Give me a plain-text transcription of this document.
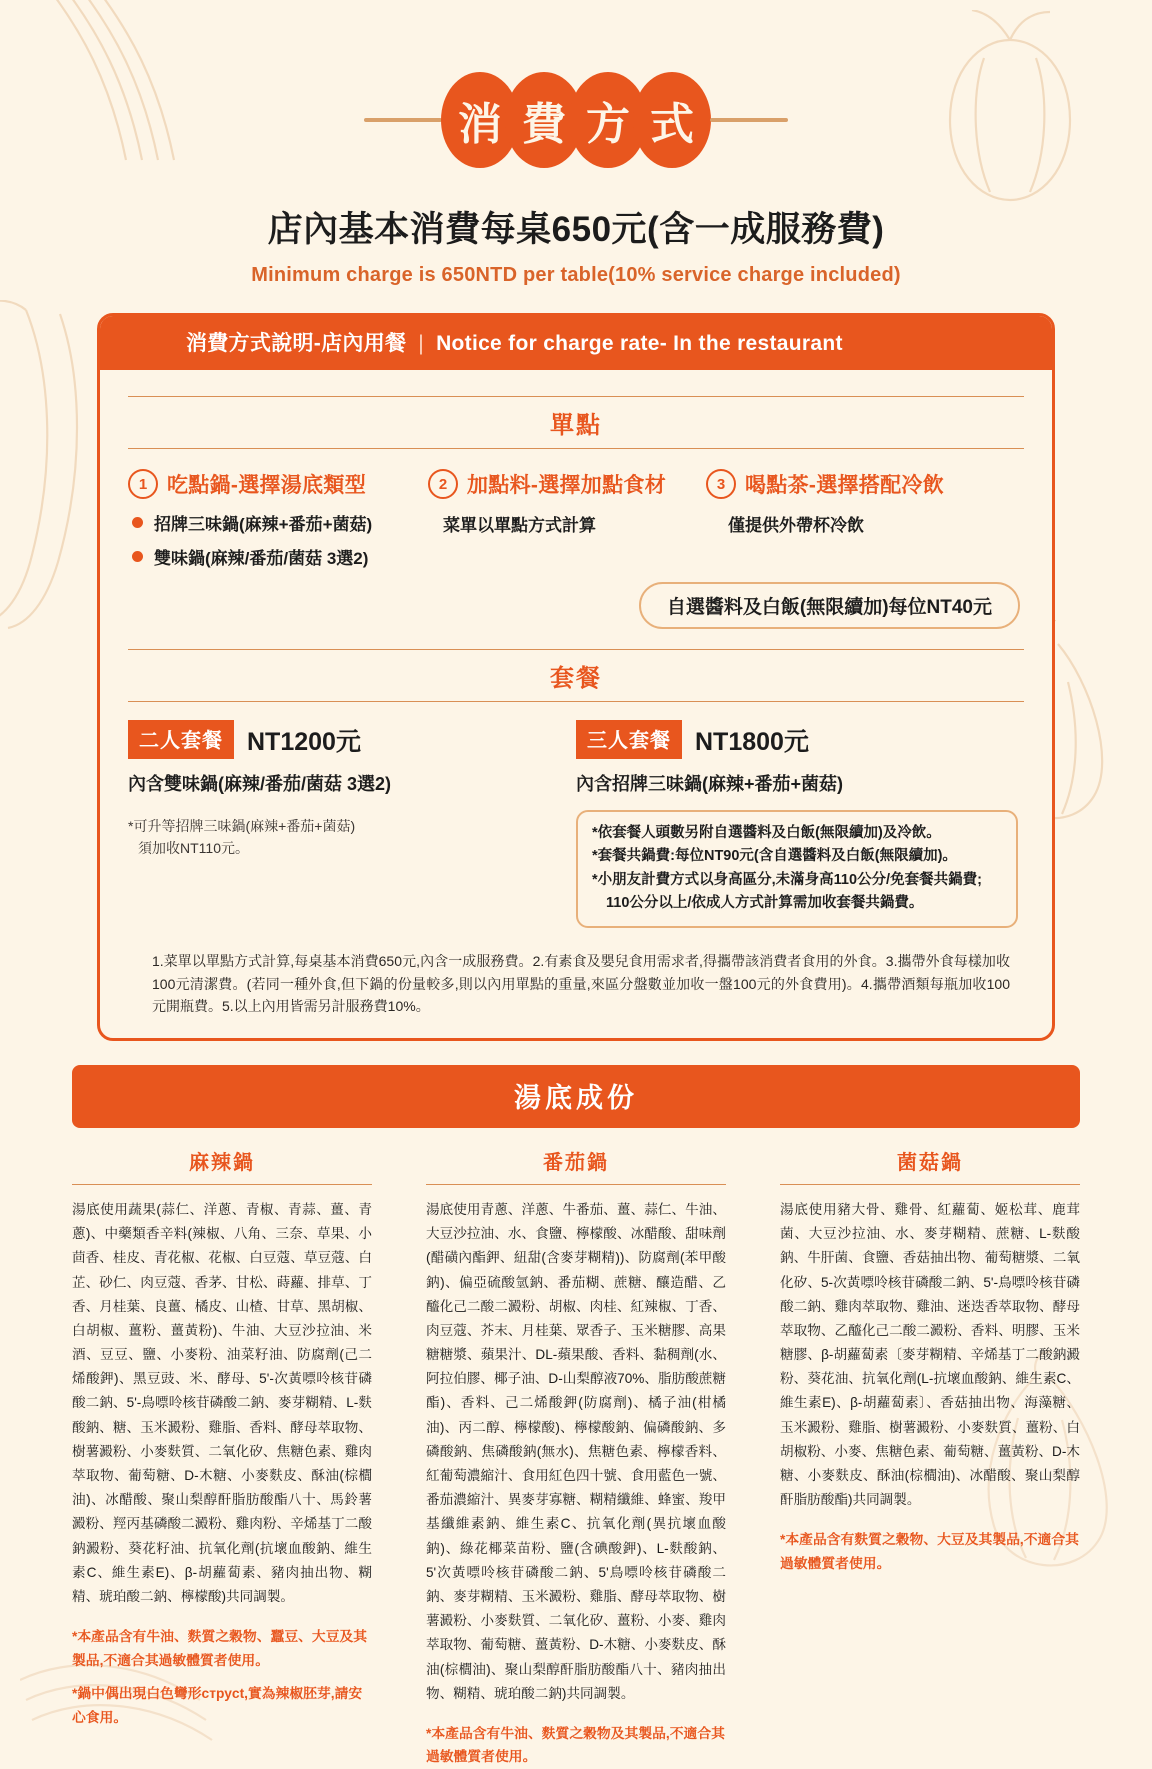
消 費 方 式
店內基本消費每桌650元(含一成服務費)
Minimum charge is 650NTD per table(10% service charge included)
消費方式說明-店內用餐 | Notice for charge rate- In the restaurant
單點
1 吃點鍋-選擇湯底類型
招牌三味鍋(麻辣+番茄+菌菇)
雙味鍋(麻辣/番茄/菌菇 3選2)
2 加點料-選擇加點食材
菜單以單點方式計算
3 喝點茶-選擇搭配冷飲
僅提供外帶杯冷飲
自選醬料及白飯(無限續加)每位NT40元
套餐
二人套餐 NT1200元
內含雙味鍋(麻辣/番茄/菌菇 3選2)
*可升等招牌三味鍋(麻辣+番茄+菌菇)
須加收NT110元。
三人套餐 NT1800元
內含招牌三味鍋(麻辣+番茄+菌菇)
*依套餐人頭數另附自選醬料及白飯(無限續加)及冷飲。
*套餐共鍋費:每位NT90元(含自選醬料及白飯(無限續加)。
*小朋友計費方式以身高區分,未滿身高110公分/免套餐共鍋費;
110公分以上/依成人方式計算需加收套餐共鍋費。
1.菜單以單點方式計算,每桌基本消費650元,內含一成服務費。2.有素食及嬰兒食用需求者,得攜帶該消費者食用的外食。3.攜帶外食每樣加收100元清潔費。(若同一種外食,但下鍋的份量較多,則以內用單點的重量,來區分盤數並加收一盤100元的外食費用)。4.攜帶酒類每瓶加收100元開瓶費。5.以上內用皆需另計服務費10%。
湯底成份
麻辣鍋
湯底使用蔬果(蒜仁、洋蔥、青椒、青蒜、薑、青蔥)、中藥類香辛料(辣椒、八角、三奈、草果、小茴香、桂皮、青花椒、花椒、白豆蔻、草豆蔻、白芷、砂仁、肉豆蔻、香茅、甘松、蒔蘿、排草、丁香、月桂葉、良薑、橘皮、山楂、甘草、黑胡椒、白胡椒、薑粉、薑黃粉)、牛油、大豆沙拉油、米酒、豆豆、鹽、小麥粉、油菜籽油、防腐劑(己二烯酸鉀)、黑豆豉、米、酵母、5'-次黃嘌呤核苷磷酸二鈉、5'-鳥嘌呤核苷磷酸二鈉、麥芽糊精、L-麩酸鈉、糖、玉米澱粉、雞脂、香料、酵母萃取物、樹薯澱粉、小麥麩質、二氧化矽、焦糖色素、雞肉萃取物、葡萄糖、D-木糖、小麥麩皮、酥油(棕櫚油)、冰醋酸、聚山梨醇酐脂肪酸酯八十、馬鈴薯澱粉、羥丙基磷酸二澱粉、雞肉粉、辛烯基丁二酸鈉澱粉、葵花籽油、抗氧化劑(抗壞血酸鈉、維生素C、維生素E)、β-胡蘿蔔素、豬肉抽出物、糊精、琥珀酸二鈉、檸檬酸)共同調製。
*本產品含有牛油、麩質之穀物、蠶豆、大豆及其製品,不適合其過敏體質者使用。
*鍋中偶出現白色彎形струct,實為辣椒胚芽,請安心食用。
番茄鍋
湯底使用青蔥、洋蔥、牛番茄、薑、蒜仁、牛油、大豆沙拉油、水、食鹽、檸檬酸、冰醋酸、甜味劑(醋磺內酯鉀、紐甜(含麥芽糊精))、防腐劑(苯甲酸鈉)、偏亞硫酸氫鈉、番茄糊、蔗糖、釀造醋、乙醯化己二酸二澱粉、胡椒、肉桂、紅辣椒、丁香、肉豆蔻、芥末、月桂葉、眾香子、玉米糖膠、高果糖糖漿、蘋果汁、DL-蘋果酸、香料、黏稠劑(水、阿拉伯膠、椰子油、D-山梨醇液70%、脂肪酸蔗糖酯)、香料、己二烯酸鉀(防腐劑)、橘子油(柑橘油)、丙二醇、檸檬酸)、檸檬酸鈉、偏磷酸鈉、多磷酸鈉、焦磷酸鈉(無水)、焦糖色素、檸檬香料、紅葡萄濃縮汁、食用紅色四十號、食用藍色一號、番茄濃縮汁、異麥芽寡糖、糊精纖維、蜂蜜、羧甲基纖維素鈉、維生素C、抗氧化劑(異抗壞血酸鈉)、綠花椰菜苗粉、鹽(含碘酸鉀)、L-麩酸鈉、5'次黃嘌呤核苷磷酸二鈉、5'鳥嘌呤核苷磷酸二鈉、麥芽糊精、玉米澱粉、雞脂、酵母萃取物、樹薯澱粉、小麥麩質、二氧化矽、薑粉、小麥、雞肉萃取物、葡萄糖、薑黃粉、D-木糖、小麥麩皮、酥油(棕櫚油)、聚山梨醇酐脂肪酸酯八十、豬肉抽出物、糊精、琥珀酸二鈉)共同調製。
*本產品含有牛油、麩質之穀物及其製品,不適合其過敏體質者使用。
菌菇鍋
湯底使用豬大骨、雞骨、紅蘿蔔、姬松茸、鹿茸菌、大豆沙拉油、水、麥芽糊精、蔗糖、L-麩酸鈉、牛肝菌、食鹽、香菇抽出物、葡萄糖漿、二氧化矽、5-次黃嘌呤核苷磷酸二鈉、5'-鳥嘌呤核苷磷酸二鈉、雞肉萃取物、雞油、迷迭香萃取物、酵母萃取物、乙醯化己二酸二澱粉、香料、明膠、玉米糖膠、β-胡蘿蔔素〔麥芽糊精、辛烯基丁二酸鈉澱粉、葵花油、抗氧化劑(L-抗壞血酸鈉、維生素C、維生素E)、β-胡蘿蔔素〕、香菇抽出物、海藻糖、玉米澱粉、雞脂、樹薯澱粉、小麥麩質、薑粉、白胡椒粉、小麥、焦糖色素、葡萄糖、薑黃粉、D-木糖、小麥麩皮、酥油(棕櫚油)、冰醋酸、聚山梨醇酐脂肪酸酯)共同調製。
*本產品含有麩質之穀物、大豆及其製品,不適合其過敏體質者使用。
